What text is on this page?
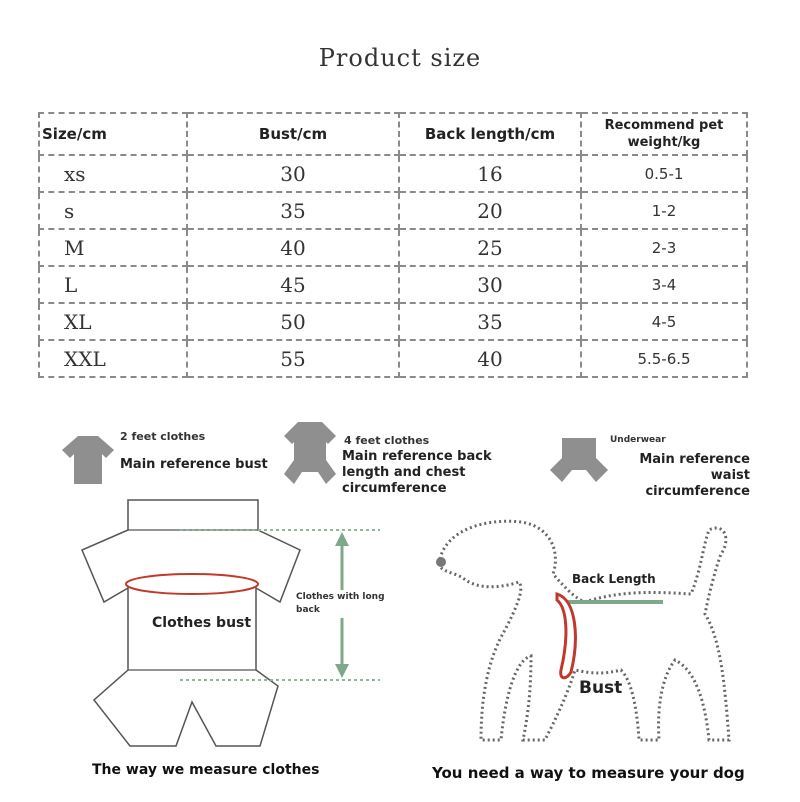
Product size
Size/cm	Bust/cm	Back length/cm	Recommend pet weight/kg
xs	30	16	0.5-1
s	35	20	1-2
M	40	25	2-3
L	45	30	3-4
XL	50	35	4-5
XXL	55	40	5.5-6.5
2 feet clothes
Main reference bust
4 feet clothes
Main reference back length and chest circumference
Underwear
Main reference waist circumference
Clothes bust
Clothes with long back
The way we measure clothes
Back Length
Bust
You need a way to measure your dog
